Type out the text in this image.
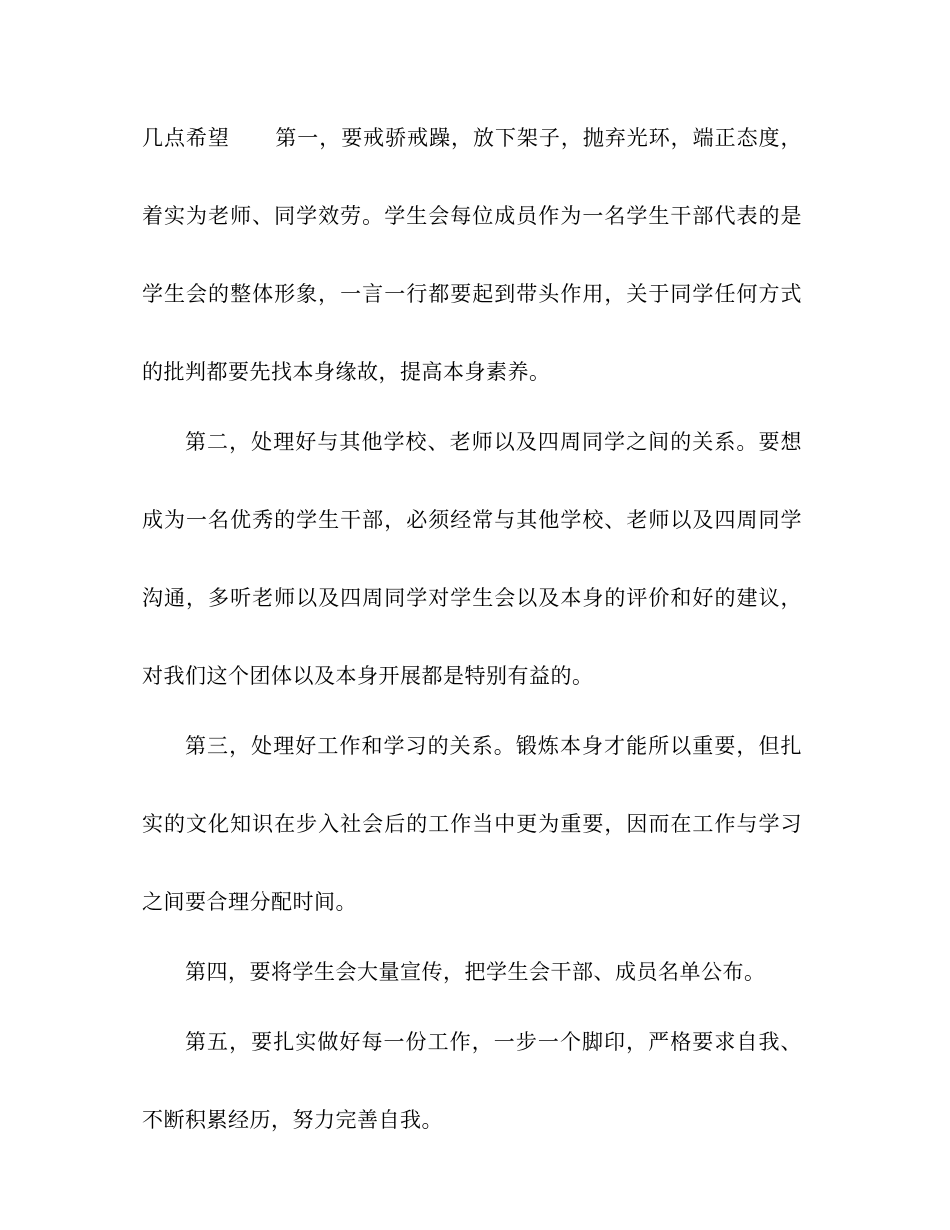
几点希望 第一，要戒骄戒躁，放下架子，抛弃光环，端正态度，
着实为老师、同学效劳。学生会每位成员作为一名学生干部代表的是
学生会的整体形象，一言一行都要起到带头作用，关于同学任何方式
的批判都要先找本身缘故，提高本身素养。
第二，处理好与其他学校、老师以及四周同学之间的关系。要想
成为一名优秀的学生干部，必须经常与其他学校、老师以及四周同学
沟通，多听老师以及四周同学对学生会以及本身的评价和好的建议，
对我们这个团体以及本身开展都是特别有益的。
第三，处理好工作和学习的关系。锻炼本身才能所以重要，但扎
实的文化知识在步入社会后的工作当中更为重要，因而在工作与学习
之间要合理分配时间。
第四，要将学生会大量宣传，把学生会干部、成员名单公布。
第五，要扎实做好每一份工作，一步一个脚印，严格要求自我、
不断积累经历，努力完善自我。
